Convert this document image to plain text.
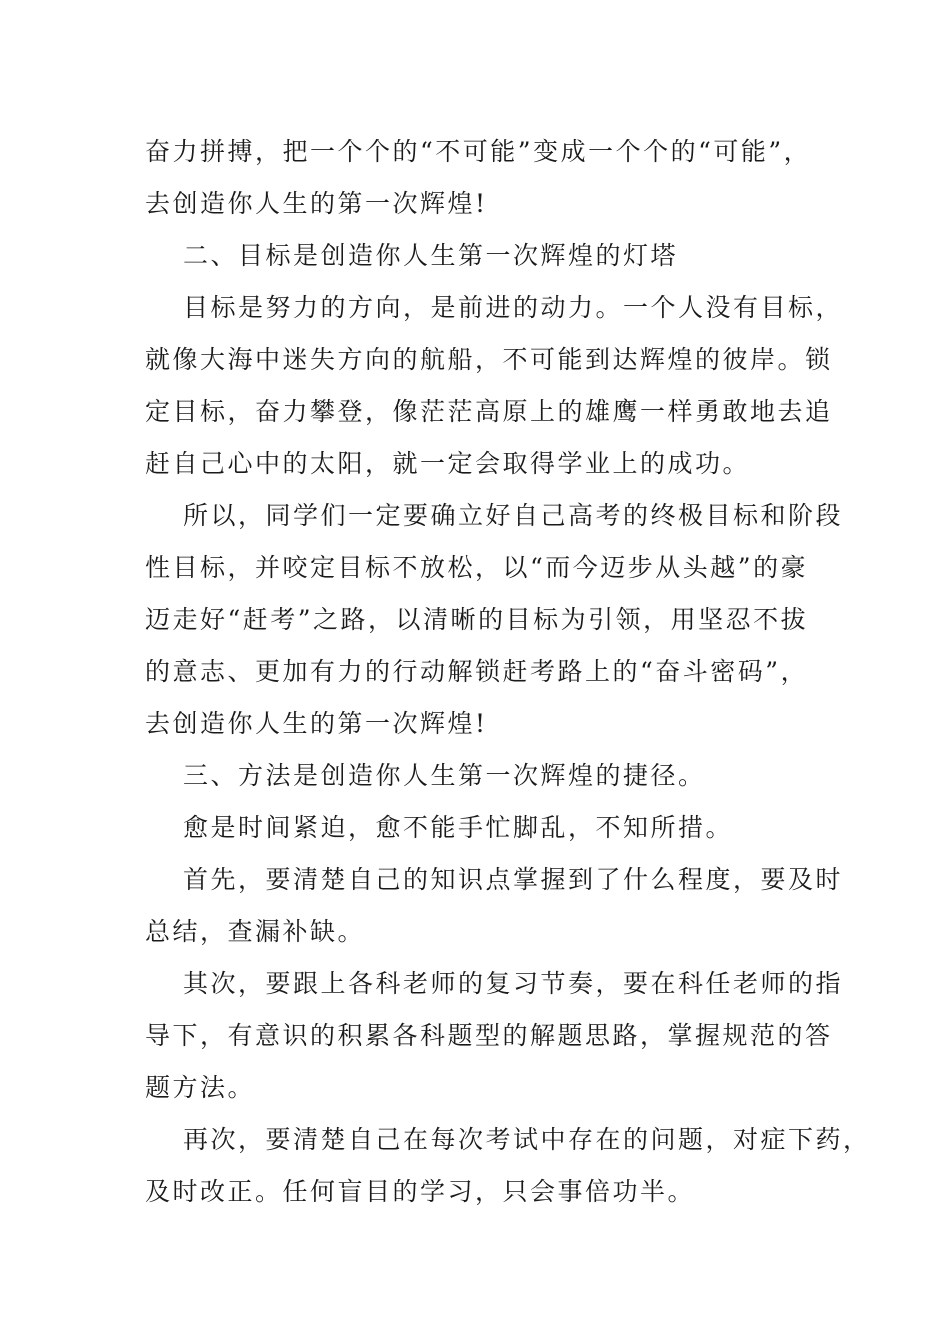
奋力拼搏，把一个个的“不可能”变成一个个的“可能”，
去创造你人生的第一次辉煌!
二、目标是创造你人生第一次辉煌的灯塔
目标是努力的方向，是前进的动力。一个人没有目标，
就像大海中迷失方向的航船，不可能到达辉煌的彼岸。锁
定目标，奋力攀登，像茫茫高原上的雄鹰一样勇敢地去追
赶自己心中的太阳，就一定会取得学业上的成功。
所以，同学们一定要确立好自己高考的终极目标和阶段
性目标，并咬定目标不放松，以“而今迈步从头越”的豪
迈走好“赶考”之路，以清晰的目标为引领，用坚忍不拔
的意志、更加有力的行动解锁赶考路上的“奋斗密码”，
去创造你人生的第一次辉煌!
三、方法是创造你人生第一次辉煌的捷径。
愈是时间紧迫，愈不能手忙脚乱，不知所措。
首先，要清楚自己的知识点掌握到了什么程度，要及时
总结，查漏补缺。
其次，要跟上各科老师的复习节奏，要在科任老师的指
导下，有意识的积累各科题型的解题思路，掌握规范的答
题方法。
再次，要清楚自己在每次考试中存在的问题，对症下药，
及时改正。任何盲目的学习，只会事倍功半。
